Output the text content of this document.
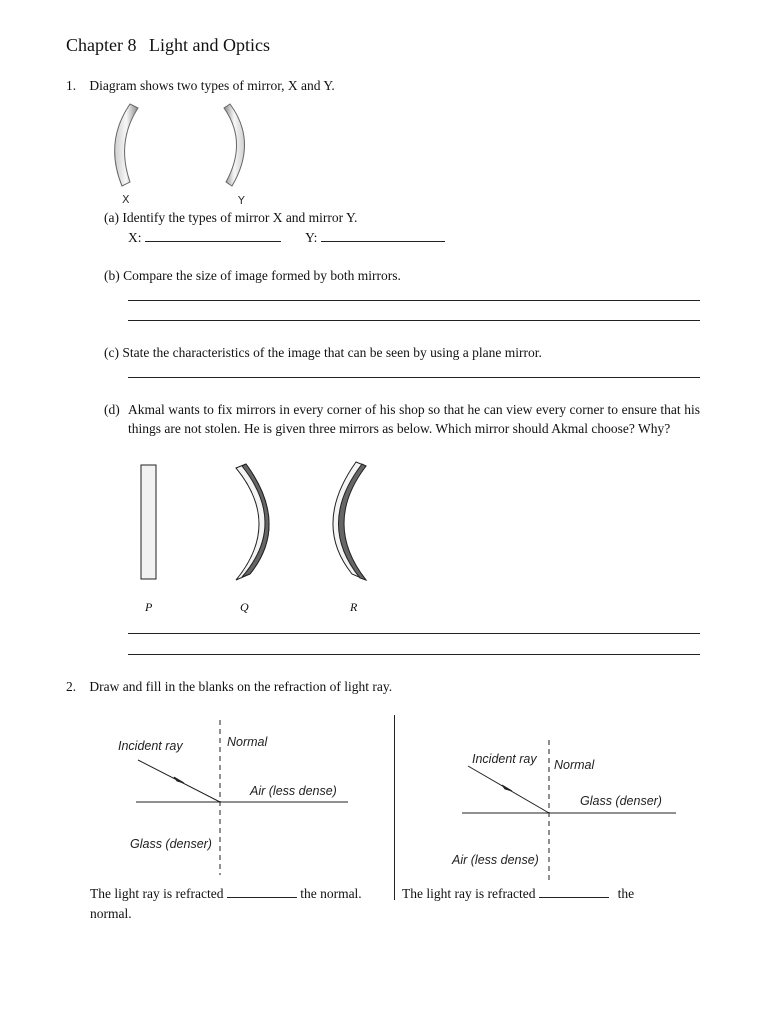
Chapter 8 Light and Optics
1. Diagram shows two types of mirror, X and Y.
X	Y
(a) Identify the types of mirror X and mirror Y.
X:	Y:
(b) Compare the size of image formed by both mirrors.
(c) State the characteristics of the image that can be seen by using a plane mirror.
(d) Akmal wants to fix mirrors in every corner of his shop so that he can view every corner to ensure that his things are not stolen. He is given three mirrors as below. Which mirror should Akmal choose? Why?
P	Q	R
2. Draw and fill in the blanks on the refraction of light ray.
Incident ray	Normal
Air (less dense)
Glass (denser)
Incident ray Normal
Glass (denser)
Air (less dense)
The light ray is refracted	the normal.
normal.
The light ray is refracted	the
